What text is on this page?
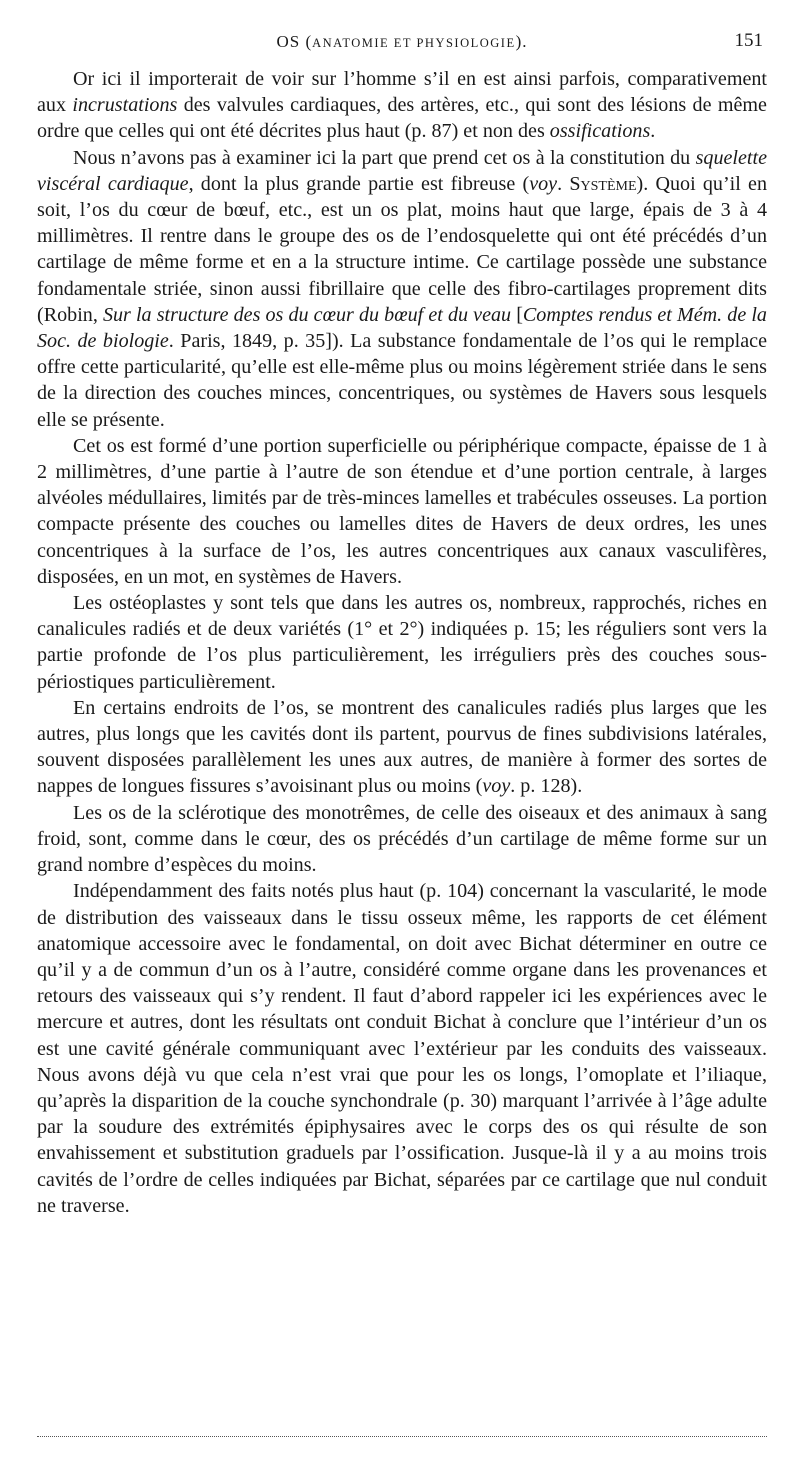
OS (ANATOMIE ET PHYSIOLOGIE).	151

Or ici il importerait de voir sur l’homme s’il en est ainsi parfois, comparativement aux incrustations des valvules cardiaques, des artères, etc., qui sont des lésions de même ordre que celles qui ont été décrites plus haut (p. 87) et non des ossifications.

Nous n’avons pas à examiner ici la part que prend cet os à la constitution du squelette viscéral cardiaque, dont la plus grande partie est fibreuse (voy. Système). Quoi qu’il en soit, l’os du cœur de bœuf, etc., est un os plat, moins haut que large, épais de 3 à 4 millimètres. Il rentre dans le groupe des os de l’endosquelette qui ont été précédés d’un cartilage de même forme et en a la structure intime. Ce cartilage possède une substance fondamentale striée, sinon aussi fibrillaire que celle des fibro-cartilages proprement dits (Robin, Sur la structure des os du cœur du bœuf et du veau [Comptes rendus et Mém. de la Soc. de biologie. Paris, 1849, p. 35]). La substance fondamentale de l’os qui le remplace offre cette particularité, qu’elle est elle-même plus ou moins légèrement striée dans le sens de la direction des couches minces, concentriques, ou systèmes de Havers sous lesquels elle se présente.

Cet os est formé d’une portion superficielle ou périphérique compacte, épaisse de 1 à 2 millimètres, d’une partie à l’autre de son étendue et d’une portion centrale, à larges alvéoles médullaires, limités par de très-minces lamelles et trabécules osseuses. La portion compacte présente des couches ou lamelles dites de Havers de deux ordres, les unes concentriques à la surface de l’os, les autres concentriques aux canaux vasculifères, disposées, en un mot, en systèmes de Havers.

Les ostéoplastes y sont tels que dans les autres os, nombreux, rapprochés, riches en canalicules radiés et de deux variétés (1° et 2°) indiquées p. 15; les réguliers sont vers la partie profonde de l’os plus particulièrement, les irréguliers près des couches sous-périostiques particulièrement.

En certains endroits de l’os, se montrent des canalicules radiés plus larges que les autres, plus longs que les cavités dont ils partent, pourvus de fines subdivisions latérales, souvent disposées parallèlement les unes aux autres, de manière à former des sortes de nappes de longues fissures s’avoisinant plus ou moins (voy. p. 128).

Les os de la sclérotique des monotrêmes, de celle des oiseaux et des animaux à sang froid, sont, comme dans le cœur, des os précédés d’un cartilage de même forme sur un grand nombre d’espèces du moins.

Indépendamment des faits notés plus haut (p. 104) concernant la vascularité, le mode de distribution des vaisseaux dans le tissu osseux même, les rapports de cet élément anatomique accessoire avec le fondamental, on doit avec Bichat déterminer en outre ce qu’il y a de commun d’un os à l’autre, considéré comme organe dans les provenances et retours des vaisseaux qui s’y rendent. Il faut d’abord rappeler ici les expériences avec le mercure et autres, dont les résultats ont conduit Bichat à conclure que l’intérieur d’un os est une cavité générale communiquant avec l’extérieur par les conduits des vaisseaux. Nous avons déjà vu que cela n’est vrai que pour les os longs, l’omoplate et l’iliaque, qu’après la disparition de la couche synchondrale (p. 30) marquant l’arrivée à l’âge adulte par la soudure des extrémités épiphysaires avec le corps des os qui résulte de son envahissement et substitution graduels par l’ossification. Jusque-là il y a au moins trois cavités de l’ordre de celles indiquées par Bichat, séparées par ce cartilage que nul conduit ne traverse.
